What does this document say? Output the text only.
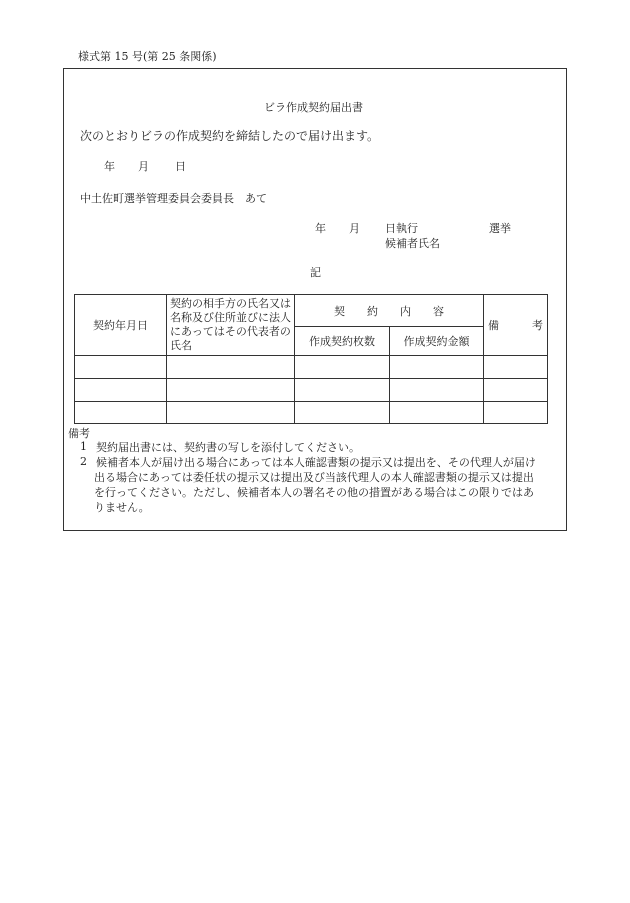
様式第 15 号(第 25 条関係)
ビラ作成契約届出書
次のとおりビラの作成契約を締結したので届け出ます。
年 月 日
中土佐町選挙管理委員会委員長　あて
年 月 日執行	選挙
候補者氏名
記
契約年月日	契約の相手方の氏名又は名称及び住所並びに法人にあってはその代表者の氏名	契　　約　　内　　容		備　　　考
		作成契約枚数	作成契約金額	

備考
1 契約届出書には、契約書の写しを添付してください。
2 候補者本人が届け出る場合にあっては本人確認書類の提示又は提出を、その代理人が届け
出る場合にあっては委任状の提示又は提出及び当該代理人の本人確認書類の提示又は提出
を行ってください。ただし、候補者本人の署名その他の措置がある場合はこの限りではあ
りません。
